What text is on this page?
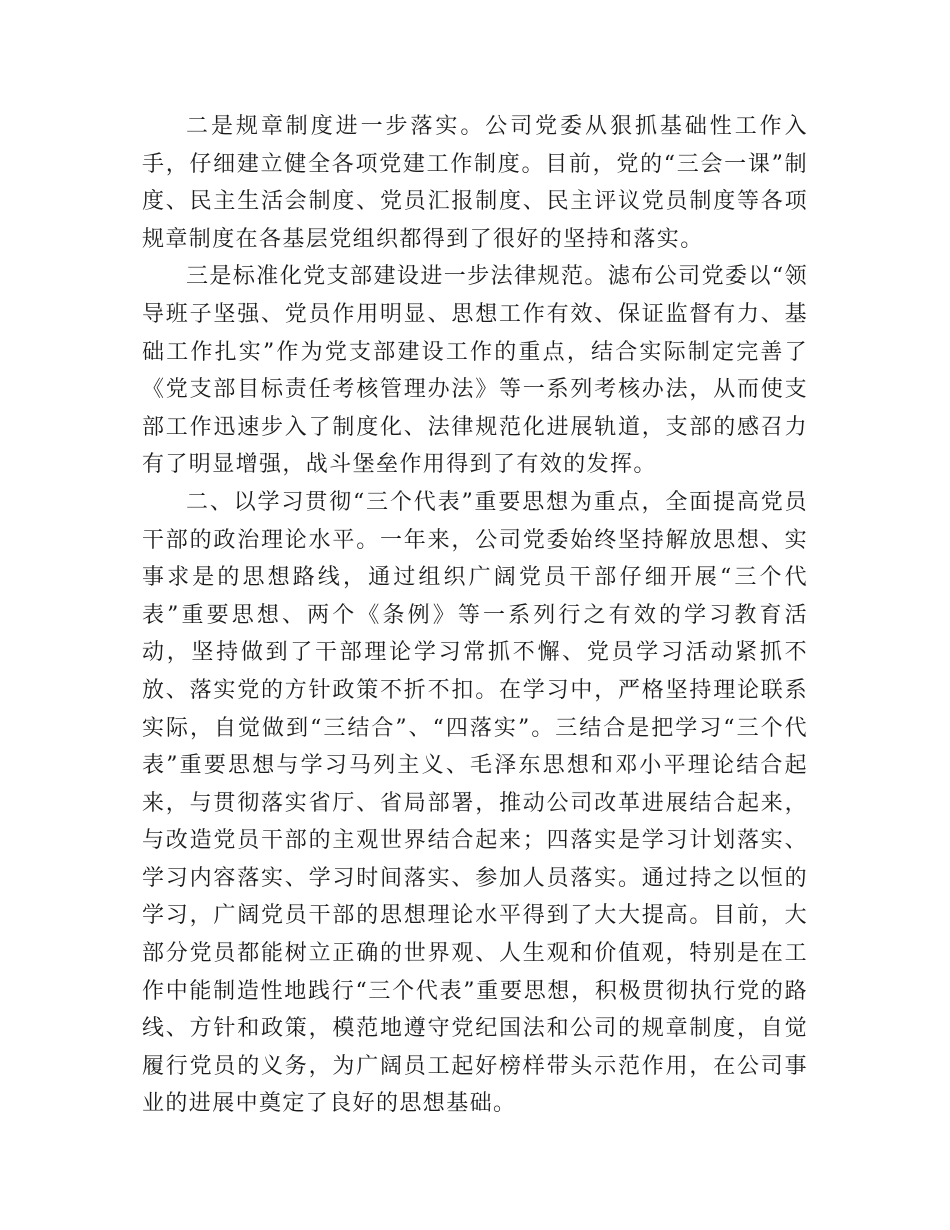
二是规章制度进一步落实。公司党委从狠抓基础性工作入手，仔细建立健全各项党建工作制度。目前，党的“三会一课”制度、民主生活会制度、党员汇报制度、民主评议党员制度等各项规章制度在各基层党组织都得到了很好的坚持和落实。

三是标准化党支部建设进一步法律规范。滤布公司党委以“领导班子坚强、党员作用明显、思想工作有效、保证监督有力、基础工作扎实”作为党支部建设工作的重点，结合实际制定完善了《党支部目标责任考核管理办法》等一系列考核办法，从而使支部工作迅速步入了制度化、法律规范化进展轨道，支部的感召力有了明显增强，战斗堡垒作用得到了有效的发挥。

二、以学习贯彻“三个代表”重要思想为重点，全面提高党员干部的政治理论水平。一年来，公司党委始终坚持解放思想、实事求是的思想路线，通过组织广阔党员干部仔细开展“三个代表”重要思想、两个《条例》等一系列行之有效的学习教育活动，坚持做到了干部理论学习常抓不懈、党员学习活动紧抓不放、落实党的方针政策不折不扣。在学习中，严格坚持理论联系实际，自觉做到“三结合”、“四落实”。三结合是把学习“三个代表”重要思想与学习马列主义、毛泽东思想和邓小平理论结合起来，与贯彻落实省厅、省局部署，推动公司改革进展结合起来，与改造党员干部的主观世界结合起来；四落实是学习计划落实、学习内容落实、学习时间落实、参加人员落实。通过持之以恒的学习，广阔党员干部的思想理论水平得到了大大提高。目前，大部分党员都能树立正确的世界观、人生观和价值观，特别是在工作中能制造性地践行“三个代表”重要思想，积极贯彻执行党的路线、方针和政策，模范地遵守党纪国法和公司的规章制度，自觉履行党员的义务，为广阔员工起好榜样带头示范作用，在公司事业的进展中奠定了良好的思想基础。
